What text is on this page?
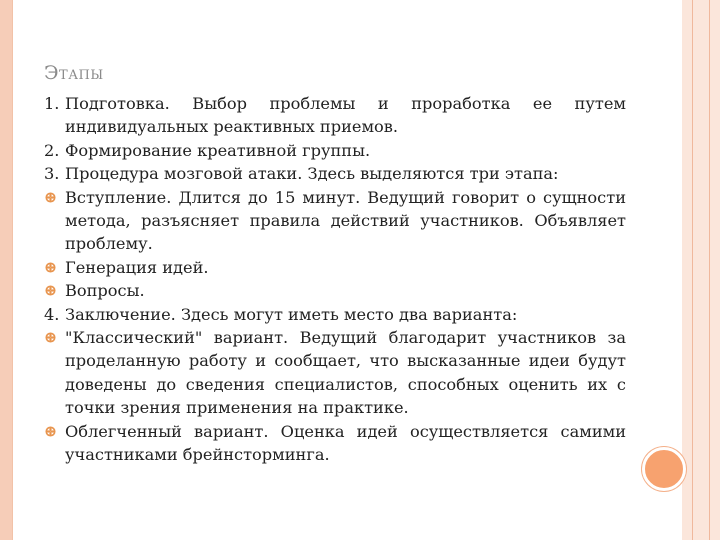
Этапы
1. Подготовка. Выбор проблемы и проработка ее путем индивидуальных реактивных приемов.
2. Формирование креативной группы.
3. Процедура мозговой атаки. Здесь выделяются три этапа:
Вступление. Длится до 15 минут. Ведущий говорит о сущности метода, разъясняет правила действий участников. Объявляет проблему.
Генерация идей.
Вопросы.
4. Заключение. Здесь могут иметь место два варианта:
"Классический" вариант. Ведущий благодарит участников за проделанную работу и сообщает, что высказанные идеи будут доведены до сведения специалистов, способных оценить их с точки зрения применения на практике.
Облегченный вариант. Оценка идей осуществляется самими участниками брейнсторминга.
